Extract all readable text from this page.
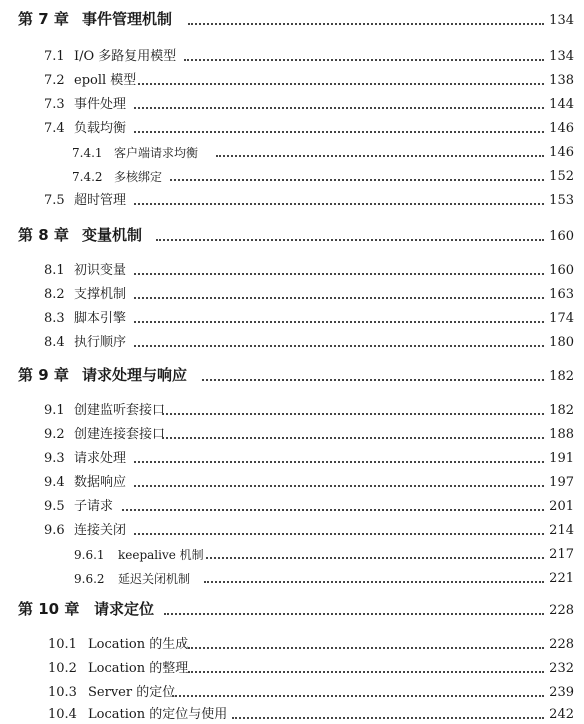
第 7 章 事件管理机制	134
7.1 I/O 多路复用模型	134
7.2 epoll 模型	138
7.3 事件处理	144
7.4 负载均衡	146
7.4.1 客户端请求均衡	146
7.4.2 多核绑定	152
7.5 超时管理	153
第 8 章 变量机制	160
8.1 初识变量	160
8.2 支撑机制	163
8.3 脚本引擎	174
8.4 执行顺序	180
第 9 章 请求处理与响应	182
9.1 创建监听套接口	182
9.2 创建连接套接口	188
9.3 请求处理	191
9.4 数据响应	197
9.5 子请求	201
9.6 连接关闭	214
9.6.1 keepalive 机制	217
9.6.2 延迟关闭机制	221
第 10 章 请求定位	228
10.1 Location 的生成	228
10.2 Location 的整理	232
10.3 Server 的定位	239
10.4 Location 的定位与使用	242
